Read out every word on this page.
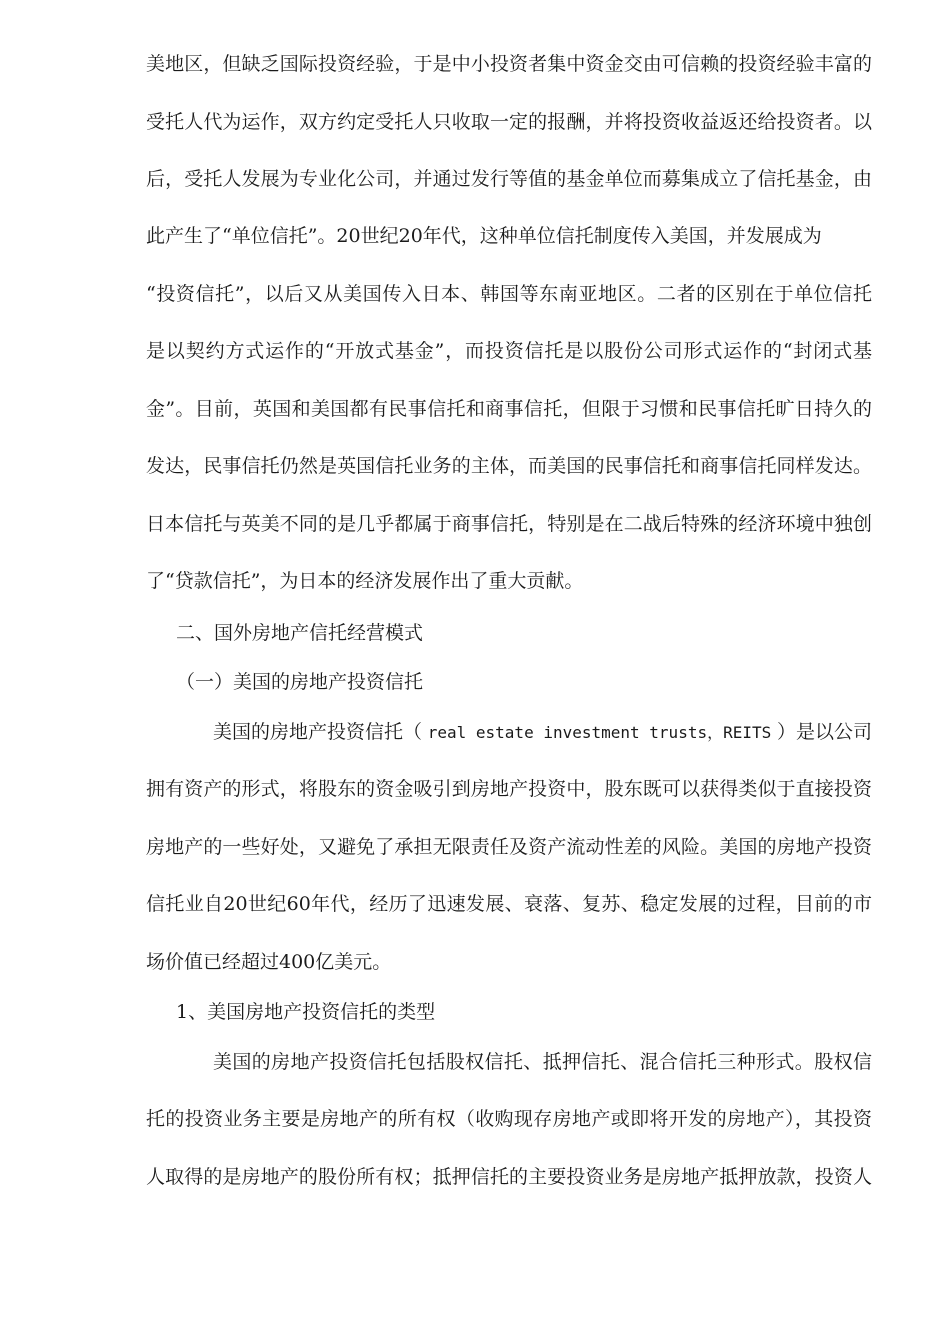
美地区，但缺乏国际投资经验，于是中小投资者集中资金交由可信赖的投资经验丰富的
受托人代为运作，双方约定受托人只收取一定的报酬，并将投资收益返还给投资者。以
后，受托人发展为专业化公司，并通过发行等值的基金单位而募集成立了信托基金，由
此产生了“单位信托”。20世纪20年代，这种单位信托制度传入美国，并发展成为
“投资信托”，以后又从美国传入日本、韩国等东南亚地区。二者的区别在于单位信托
是以契约方式运作的“开放式基金”，而投资信托是以股份公司形式运作的“封闭式基
金”。目前，英国和美国都有民事信托和商事信托，但限于习惯和民事信托旷日持久的
发达，民事信托仍然是英国信托业务的主体，而美国的民事信托和商事信托同样发达。
日本信托与英美不同的是几乎都属于商事信托，特别是在二战后特殊的经济环境中独创
了“贷款信托”，为日本的经济发展作出了重大贡献。
二、国外房地产信托经营模式
（一）美国的房地产投资信托
美国的房地产投资信托（ real estate investment trusts，REITS ）是以公司
拥有资产的形式，将股东的资金吸引到房地产投资中，股东既可以获得类似于直接投资
房地产的一些好处，又避免了承担无限责任及资产流动性差的风险。美国的房地产投资
信托业自20世纪60年代，经历了迅速发展、衰落、复苏、稳定发展的过程，目前的市
场价值已经超过400亿美元。
1、美国房地产投资信托的类型
美国的房地产投资信托包括股权信托、抵押信托、混合信托三种形式。股权信
托的投资业务主要是房地产的所有权（收购现存房地产或即将开发的房地产），其投资
人取得的是房地产的股份所有权；抵押信托的主要投资业务是房地产抵押放款，投资人
